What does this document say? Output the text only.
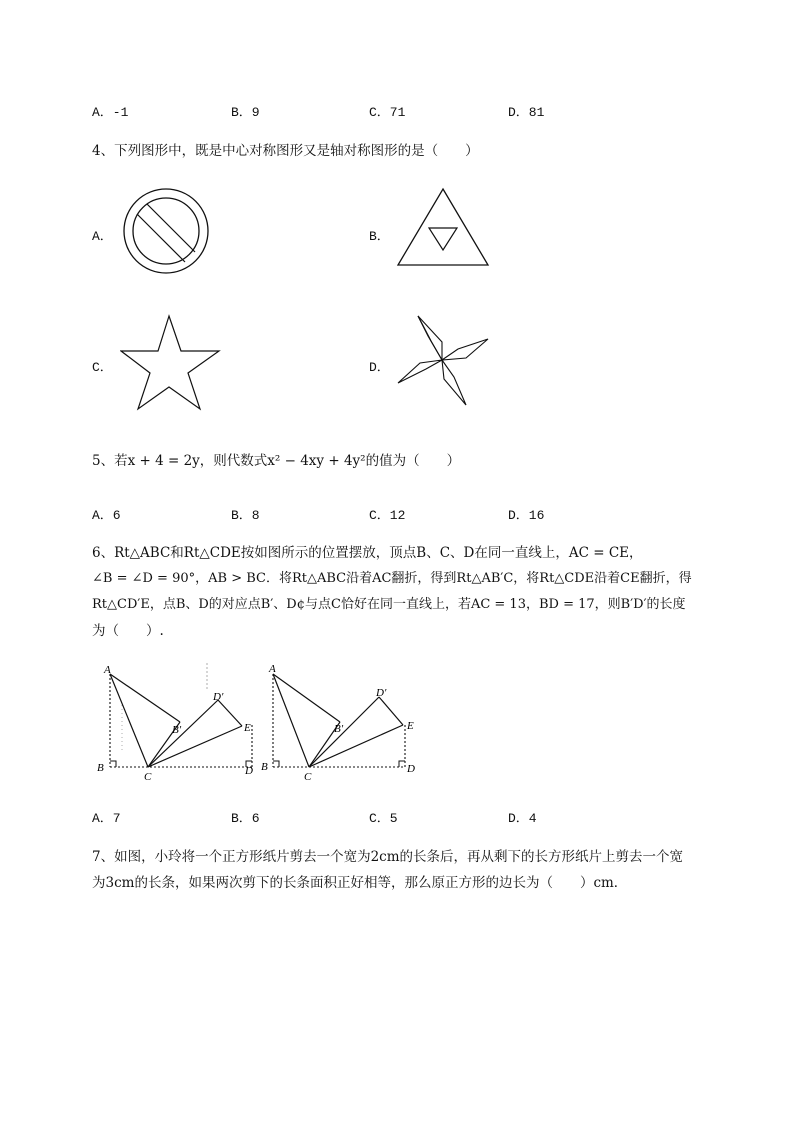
A．-1	B．9	C．71	D．81
4、下列图形中，既是中心对称图形又是轴对称图形的是（　　）
A．	B．
C．	D．
5、若x + 4 = 2y，则代数式x² − 4xy + 4y²的值为（　　）
A．6	B．8	C．12	D．16
6、Rt△ABC和Rt△CDE按如图所示的位置摆放，顶点B、C、D在同一直线上，AC = CE，
∠B = ∠D = 90°，AB > BC．将Rt△ABC沿着AC翻折，得到Rt△AB′C，将Rt△CDE沿着CE翻折，得
Rt△CD′E，点B、D的对应点B′、D¢与点C恰好在同一直线上，若AC = 13，BD = 17，则B′D′的长度
为（　　）.
A
B
C	D
E
B′
D′
A
B
C
D
E
B′
D′
A．7	B．6	C．5	D．4
7、如图，小玲将一个正方形纸片剪去一个宽为2cm的长条后，再从剩下的长方形纸片上剪去一个宽
为3cm的长条，如果两次剪下的长条面积正好相等，那么原正方形的边长为（　　）cm．
